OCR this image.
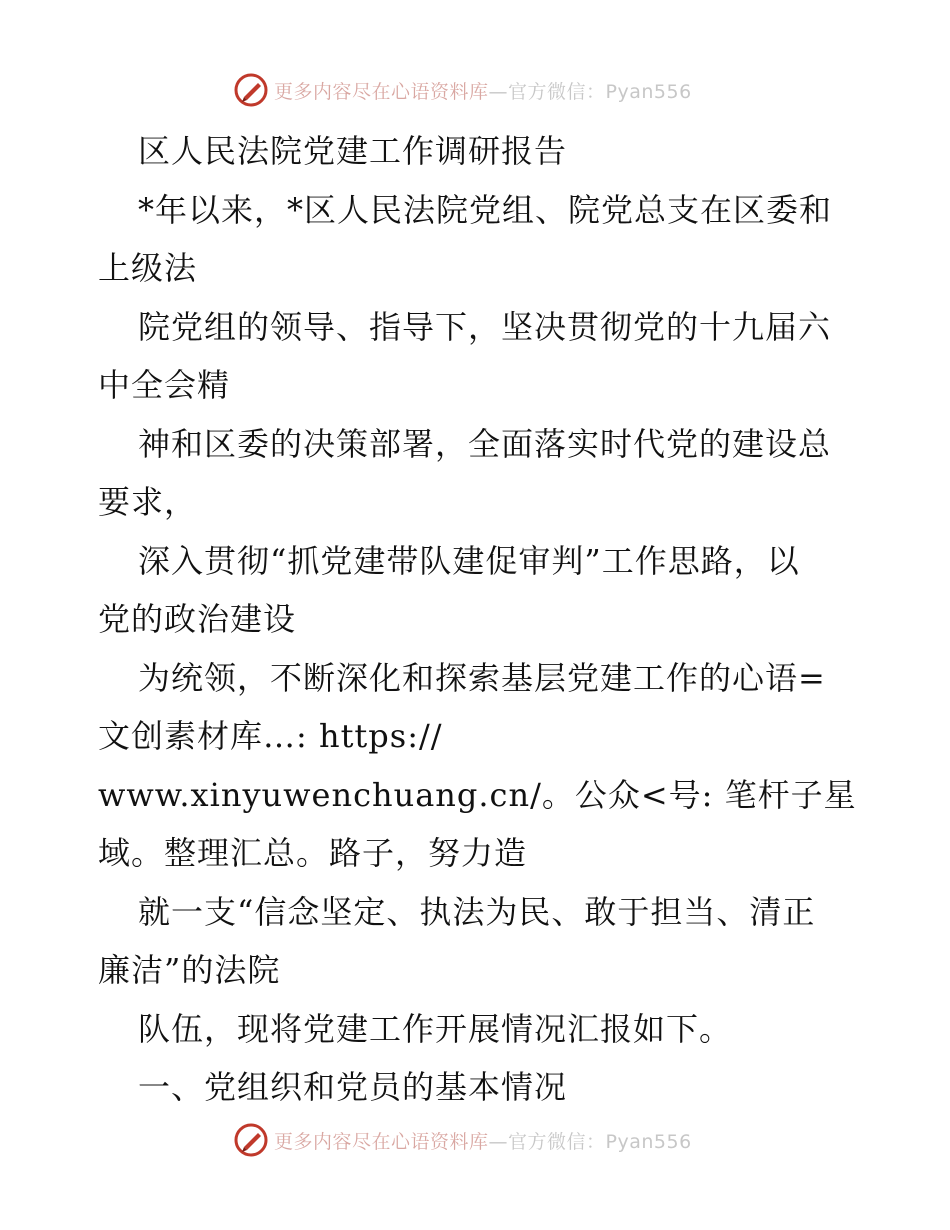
更多内容尽在心语资料库 —官方微信：Pyan556
区人民法院党建工作调研报告
*年以来，*区人民法院党组、院党总支在区委和
上级法
院党组的领导、指导下，坚决贯彻党的十九届六
中全会精
神和区委的决策部署，全面落实时代党的建设总
要求，
深入贯彻“抓党建带队建促审判”工作思路，以
党的政治建设
为统领，不断深化和探索基层党建工作的心语=
文创素材库…: https://
www.xinyuwenchuang.cn/。公众<号: 笔杆子星
域。整理汇总。路子，努力造
就一支“信念坚定、执法为民、敢于担当、清正
廉洁”的法院
队伍，现将党建工作开展情况汇报如下。
一、党组织和党员的基本情况
更多内容尽在心语资料库 —官方微信：Pyan556
